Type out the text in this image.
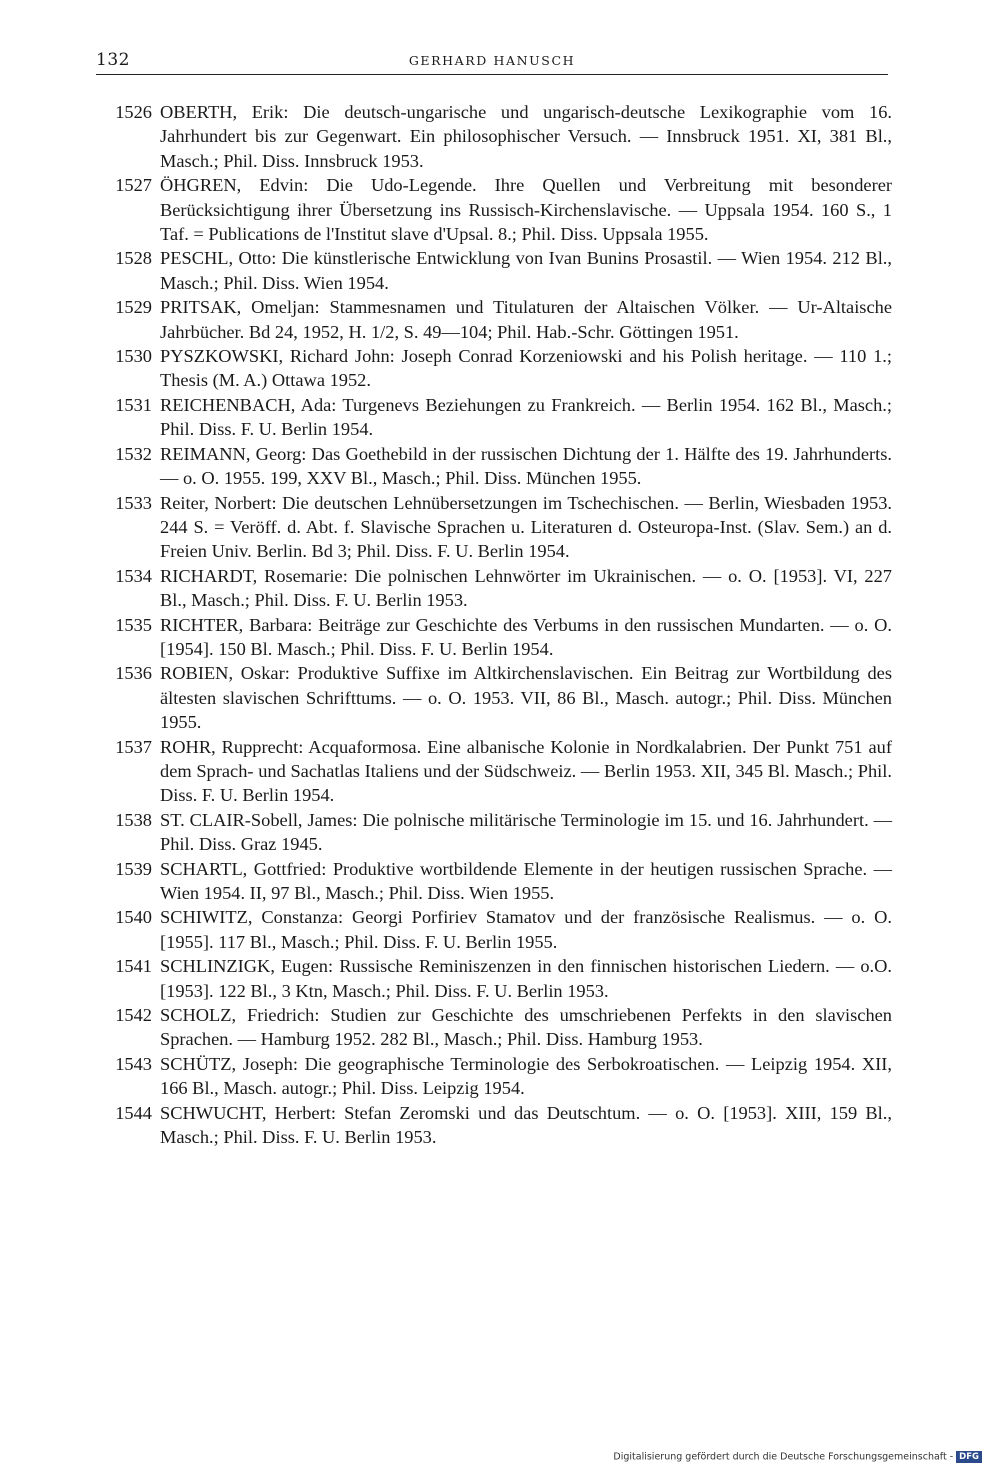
132	GERHARD HANUSCH
1526 OBERTH, Erik: Die deutsch-ungarische und ungarisch-deutsche Lexikographie vom 16. Jahrhundert bis zur Gegenwart. Ein philosophischer Versuch. — Innsbruck 1951. XI, 381 Bl., Masch.; Phil. Diss. Innsbruck 1953.
1527 ÖHGREN, Edvin: Die Udo-Legende. Ihre Quellen und Verbreitung mit besonderer Berücksichtigung ihrer Übersetzung ins Russisch-Kirchenslavische. — Uppsala 1954. 160 S., 1 Taf. = Publications de l'Institut slave d'Upsal. 8.; Phil. Diss. Uppsala 1955.
1528 PESCHL, Otto: Die künstlerische Entwicklung von Ivan Bunins Prosastil. — Wien 1954. 212 Bl., Masch.; Phil. Diss. Wien 1954.
1529 PRITSAK, Omeljan: Stammesnamen und Titulaturen der Altaischen Völker. — Ur-Altaische Jahrbücher. Bd 24, 1952, H. 1/2, S. 49—104; Phil. Hab.-Schr. Göttingen 1951.
1530 PYSZKOWSKI, Richard John: Joseph Conrad Korzeniowski and his Polish heritage. — 110 1.; Thesis (M. A.) Ottawa 1952.
1531 REICHENBACH, Ada: Turgenevs Beziehungen zu Frankreich. — Berlin 1954. 162 Bl., Masch.; Phil. Diss. F. U. Berlin 1954.
1532 REIMANN, Georg: Das Goethebild in der russischen Dichtung der 1. Hälfte des 19. Jahrhunderts. — o. O. 1955. 199, XXV Bl., Masch.; Phil. Diss. München 1955.
1533 Reiter, Norbert: Die deutschen Lehnübersetzungen im Tschechischen. — Berlin, Wiesbaden 1953. 244 S. = Veröff. d. Abt. f. Slavische Sprachen u. Literaturen d. Osteuropa-Inst. (Slav. Sem.) an d. Freien Univ. Berlin. Bd 3; Phil. Diss. F. U. Berlin 1954.
1534 RICHARDT, Rosemarie: Die polnischen Lehnwörter im Ukrainischen. — o. O. [1953]. VI, 227 Bl., Masch.; Phil. Diss. F. U. Berlin 1953.
1535 RICHTER, Barbara: Beiträge zur Geschichte des Verbums in den russischen Mundarten. — o. O. [1954]. 150 Bl. Masch.; Phil. Diss. F. U. Berlin 1954.
1536 ROBIEN, Oskar: Produktive Suffixe im Altkirchenslavischen. Ein Beitrag zur Wortbildung des ältesten slavischen Schrifttums. — o. O. 1953. VII, 86 Bl., Masch. autogr.; Phil. Diss. München 1955.
1537 ROHR, Rupprecht: Acquaformosa. Eine albanische Kolonie in Nordkalabrien. Der Punkt 751 auf dem Sprach- und Sachatlas Italiens und der Südschweiz. — Berlin 1953. XII, 345 Bl. Masch.; Phil. Diss. F. U. Berlin 1954.
1538 ST. CLAIR-Sobell, James: Die polnische militärische Terminologie im 15. und 16. Jahrhundert. — Phil. Diss. Graz 1945.
1539 SCHARTL, Gottfried: Produktive wortbildende Elemente in der heutigen russischen Sprache. — Wien 1954. II, 97 Bl., Masch.; Phil. Diss. Wien 1955.
1540 SCHIWITZ, Constanza: Georgi Porfiriev Stamatov und der französische Realismus. — o. O. [1955]. 117 Bl., Masch.; Phil. Diss. F. U. Berlin 1955.
1541 SCHLINZIGK, Eugen: Russische Reminiszenzen in den finnischen historischen Liedern. — o.O. [1953]. 122 Bl., 3 Ktn, Masch.; Phil. Diss. F. U. Berlin 1953.
1542 SCHOLZ, Friedrich: Studien zur Geschichte des umschriebenen Perfekts in den slavischen Sprachen. — Hamburg 1952. 282 Bl., Masch.; Phil. Diss. Hamburg 1953.
1543 SCHÜTZ, Joseph: Die geographische Terminologie des Serbokroatischen. — Leipzig 1954. XII, 166 Bl., Masch. autogr.; Phil. Diss. Leipzig 1954.
1544 SCHWUCHT, Herbert: Stefan Zeromski und das Deutschtum. — o. O. [1953]. XIII, 159 Bl., Masch.; Phil. Diss. F. U. Berlin 1953.
Digitalisierung gefördert durch die Deutsche Forschungsgemeinschaft - DFG
